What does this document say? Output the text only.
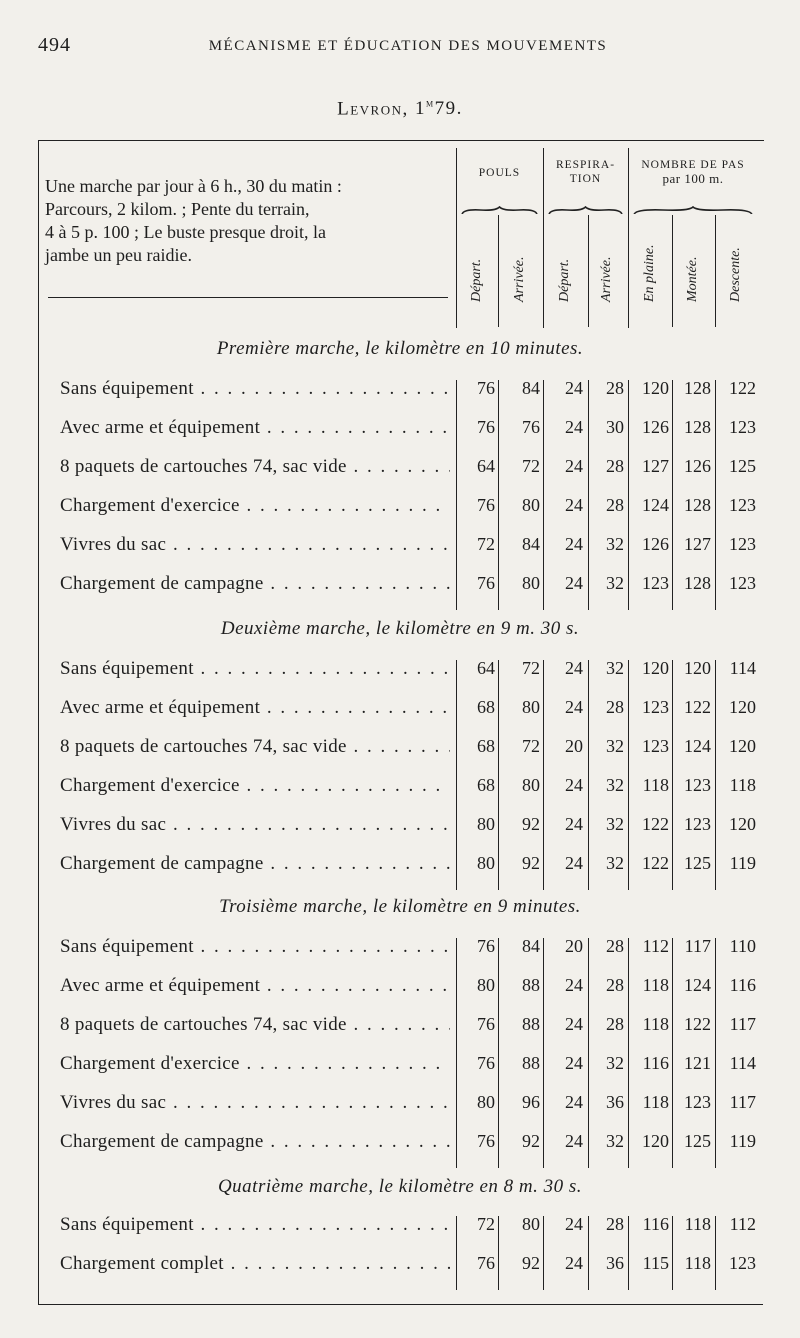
494	MÉCANISME ET ÉDUCATION DES MOUVEMENTS
Levron, 1$^m$79.
Une marche par jour à 6 h., 30 du matin :
Parcours, 2 kilom. ; Pente du terrain,
4 à 5 p. 100 ; Le buste presque droit, la
jambe un peu raidie.
POULS
RESPIRA-
TION
NOMBRE DE PAS
par 100 m.
Départ. Arrivée. Départ. Arrivée. En plaine. Montée. Descente.
Première marche, le kilomètre en 10 minutes.
Sans équipement . . .	76	84	24	28	120 128	122
Avec arme et équipement . . .	76	76	24	30	126 128	123
8 paquets de cartouches 74, sac vide . . .	64	72	24	28	127 126	125
Chargement d'exercice . . .	76	80	24	28	124 128	123
Vivres du sac . . .	72	84	24	32	126 127	123
Chargement de campagne . . .	76	80	24	32	123 128	123
Deuxième marche, le kilomètre en 9 m. 30 s.
Sans équipement . . .	64	72	24	32	120 120	114
Avec arme et équipement . . .	68	80	24	28	123 122	120
8 paquets de cartouches 74, sac vide . . .	68	72	20	32	123 124	120
Chargement d'exercice . . .	68	80	24	32	118 123	118
Vivres du sac . . .	80	92	24	32	122 123	120
Chargement de campagne . . .	80	92	24	32	122 125	119
Troisième marche, le kilomètre en 9 minutes.
Sans équipement . . .	76	84	20	28	112 117	110
Avec arme et équipement . . .	80	88	24	28	118 124	116
8 paquets de cartouches 74, sac vide . . .	76	88	24	28	118 122	117
Chargement d'exercice . . .	76	88	24	32	116 121	114
Vivres du sac . . .	80	96	24	36	118 123	117
Chargement de campagne . . .	76	92	24	32	120 125	119
Quatrième marche, le kilomètre en 8 m. 30 s.
Sans équipement . . .	72	80	24	28	116 118	112
Chargement complet . . .	76	92	24	36	115 118	123
